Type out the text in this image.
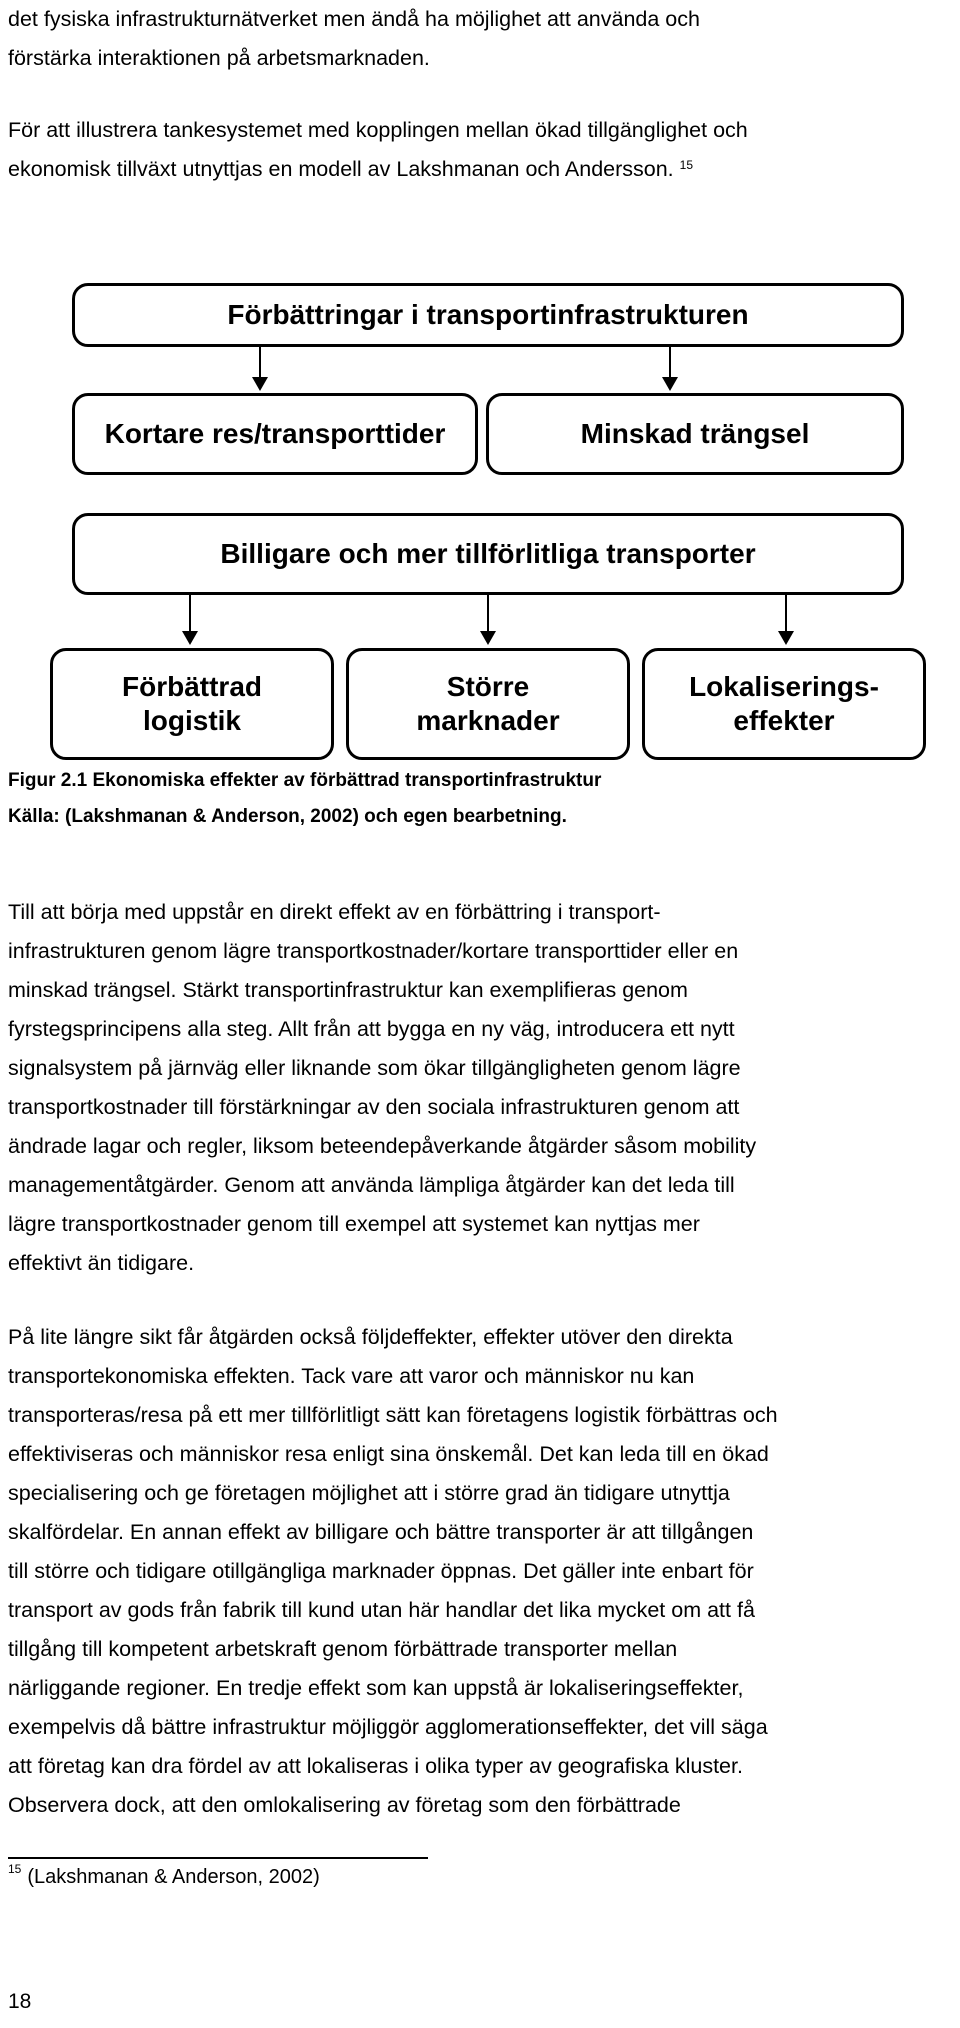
det fysiska infrastrukturnätverket men ändå ha möjlighet att använda och
förstärka interaktionen på arbetsmarknaden.

För att illustrera tankesystemet med kopplingen mellan ökad tillgänglighet och
ekonomisk tillväxt utnyttjas en modell av Lakshmanan och Andersson. $^{15}$

Förbättringar i transportinfrastrukturen
Kortare res/transporttider	Minskad trängsel
Billigare och mer tillförlitliga transporter
Förbättrad
logistik
Större
marknader
Lokaliserings-
effekter
Figur 2.1 Ekonomiska effekter av förbättrad transportinfrastruktur
Källa: (Lakshmanan & Anderson, 2002) och egen bearbetning.

Till att börja med uppstår en direkt effekt av en förbättring i transport-
infrastrukturen genom lägre transportkostnader/kortare transporttider eller en
minskad trängsel. Stärkt transportinfrastruktur kan exemplifieras genom
fyrstegsprincipens alla steg. Allt från att bygga en ny väg, introducera ett nytt
signalsystem på järnväg eller liknande som ökar tillgängligheten genom lägre
transportkostnader till förstärkningar av den sociala infrastrukturen genom att
ändrade lagar och regler, liksom beteendepåverkande åtgärder såsom mobility
managementåtgärder. Genom att använda lämpliga åtgärder kan det leda till
lägre transportkostnader genom till exempel att systemet kan nyttjas mer
effektivt än tidigare.

På lite längre sikt får åtgärden också följdeffekter, effekter utöver den direkta
transportekonomiska effekten. Tack vare att varor och människor nu kan
transporteras/resa på ett mer tillförlitligt sätt kan företagens logistik förbättras och
effektiviseras och människor resa enligt sina önskemål. Det kan leda till en ökad
specialisering och ge företagen möjlighet att i större grad än tidigare utnyttja
skalfördelar. En annan effekt av billigare och bättre transporter är att tillgången
till större och tidigare otillgängliga marknader öppnas. Det gäller inte enbart för
transport av gods från fabrik till kund utan här handlar det lika mycket om att få
tillgång till kompetent arbetskraft genom förbättrade transporter mellan
närliggande regioner. En tredje effekt som kan uppstå är lokaliseringseffekter,
exempelvis då bättre infrastruktur möjliggör agglomerationseffekter, det vill säga
att företag kan dra fördel av att lokaliseras i olika typer av geografiska kluster.
Observera dock, att den omlokalisering av företag som den förbättrade

$^{15}$ (Lakshmanan & Anderson, 2002)
18
